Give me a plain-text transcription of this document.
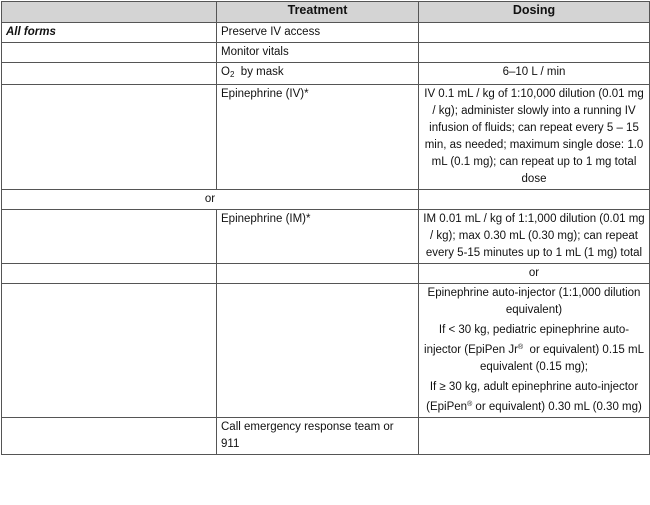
	Treatment	Dosing
All forms	Preserve IV access	
	Monitor vitals	
	$O_2$  by mask	6–10 L / min
	Epinephrine (IV)*	IV 0.1 mL / kg of 1:10,000 dilution (0.01 mg / kg); administer slowly into a running IV infusion of fluids; can repeat every 5 – 15 min, as needed; maximum single dose: 1.0 mL (0.1 mg); can repeat up to 1 mg total dose
or		
	Epinephrine (IM)*	IM 0.01 mL / kg of 1:1,000 dilution (0.01 mg / kg); max 0.30 mL (0.30 mg); can repeat every 5-15 minutes up to 1 mL (1 mg) total
		or

		Epinephrine auto-injector (1:1,000 dilution equivalent)
If < 30 kg, pediatric epinephrine auto-injector (EpiPen Jr®  or equivalent) 0.15 mL equivalent (0.15 mg);
If ≥ 30 kg, adult epinephrine auto-injector (EpiPen® or equivalent) 0.30 mL (0.30 mg)

	Call emergency response team or 911	
